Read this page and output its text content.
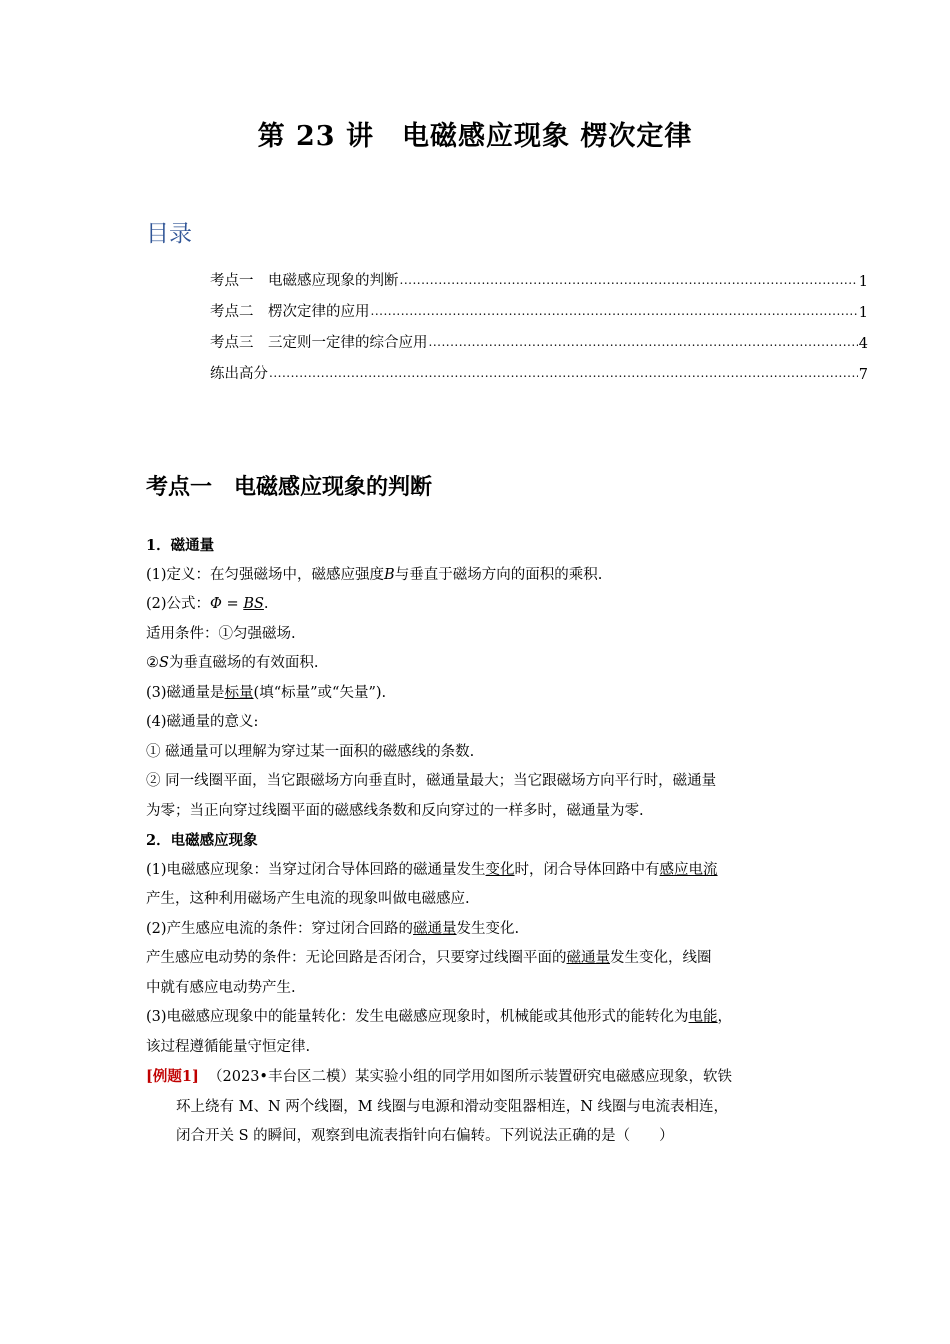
第 23 讲　电磁感应现象 楞次定律
目录
考点一　电磁感应现象的判断 .....	1
考点二　楞次定律的应用 .....	1
考点三　三定则一定律的综合应用 .....	4
练出高分 .....	7
考点一　电磁感应现象的判断
1．磁通量
(1)定义：在匀强磁场中，磁感应强度B与垂直于磁场方向的面积的乘积.
(2)公式：Φ = BS.
适用条件：①匀强磁场.
②S为垂直磁场的有效面积.
(3)磁通量是标量(填“标量”或“矢量”).
(4)磁通量的意义:
① 磁通量可以理解为穿过某一面积的磁感线的条数.
② 同一线圈平面，当它跟磁场方向垂直时，磁通量最大；当它跟磁场方向平行时，磁通量
为零；当正向穿过线圈平面的磁感线条数和反向穿过的一样多时，磁通量为零.
2．电磁感应现象
(1)电磁感应现象：当穿过闭合导体回路的磁通量发生变化时，闭合导体回路中有感应电流
产生，这种利用磁场产生电流的现象叫做电磁感应.
(2)产生感应电流的条件：穿过闭合回路的磁通量发生变化.
产生感应电动势的条件：无论回路是否闭合，只要穿过线圈平面的磁通量发生变化，线圈
中就有感应电动势产生.
(3)电磁感应现象中的能量转化：发生电磁感应现象时，机械能或其他形式的能转化为电能，
该过程遵循能量守恒定律.
[例题1] （2023•丰台区二模）某实验小组的同学用如图所示装置研究电磁感应现象，软铁
环上绕有 M、N 两个线圈，M 线圈与电源和滑动变阻器相连，N 线圈与电流表相连，
闭合开关 S 的瞬间，观察到电流表指针向右偏转。下列说法正确的是（　　）
